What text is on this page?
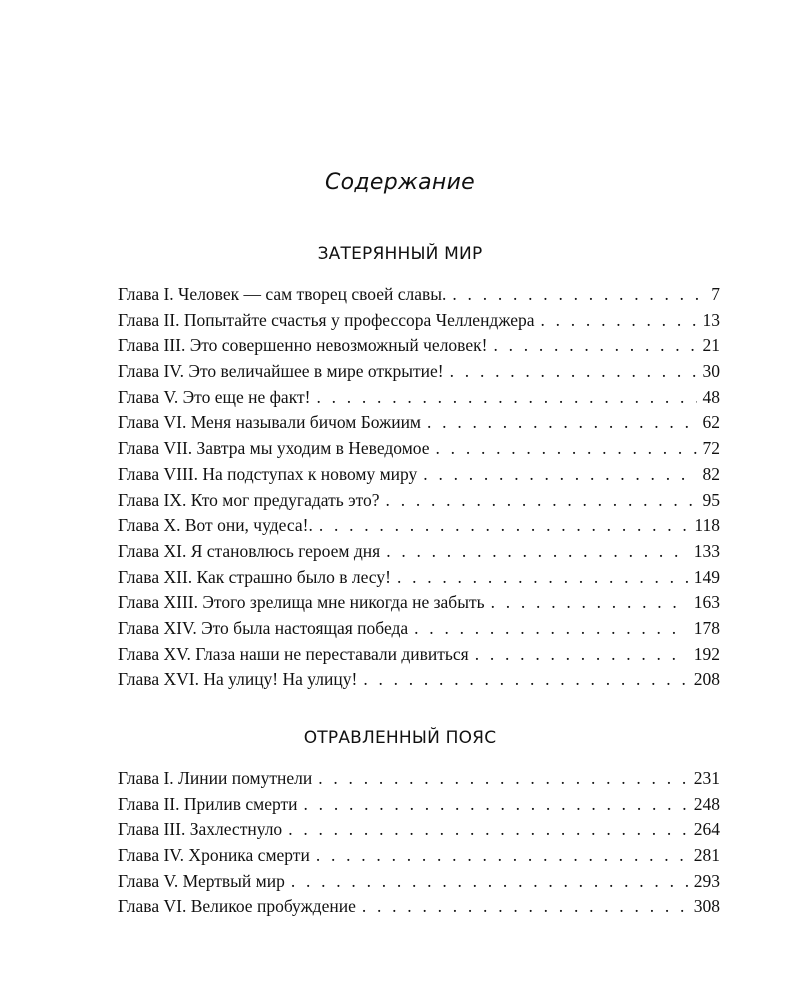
Содержание
ЗАТЕРЯННЫЙ МИР
Глава I. Человек — сам творец своей славы. . . .	7
Глава II. Попытайте счастья у профессора Челленджера . . .	13
Глава III. Это совершенно невозможный человек! . . .	21
Глава IV. Это величайшее в мире открытие! . . .	30
Глава V. Это еще не факт! . . .	48
Глава VI. Меня называли бичом Божиим . . .	62
Глава VII. Завтра мы уходим в Неведомое . . .	72
Глава VIII. На подступах к новому миру . . .	82
Глава IX. Кто мог предугадать это? . . .	95
Глава X. Вот они, чудеса!. . . .	118
Глава XI. Я становлюсь героем дня . . .	133
Глава XII. Как страшно было в лесу! . . .	149
Глава XIII. Этого зрелища мне никогда не забыть . . .	163
Глава XIV. Это была настоящая победа . . .	178
Глава XV. Глаза наши не переставали дивиться . . .	192
Глава XVI. На улицу! На улицу! . . .	208
ОТРАВЛЕННЫЙ ПОЯС
Глава I. Линии помутнели . . .	231
Глава II. Прилив смерти . . .	248
Глава III. Захлестнуло . . .	264
Глава IV. Хроника смерти . . .	281
Глава V. Мертвый мир . . .	293
Глава VI. Великое пробуждение . . .	308
